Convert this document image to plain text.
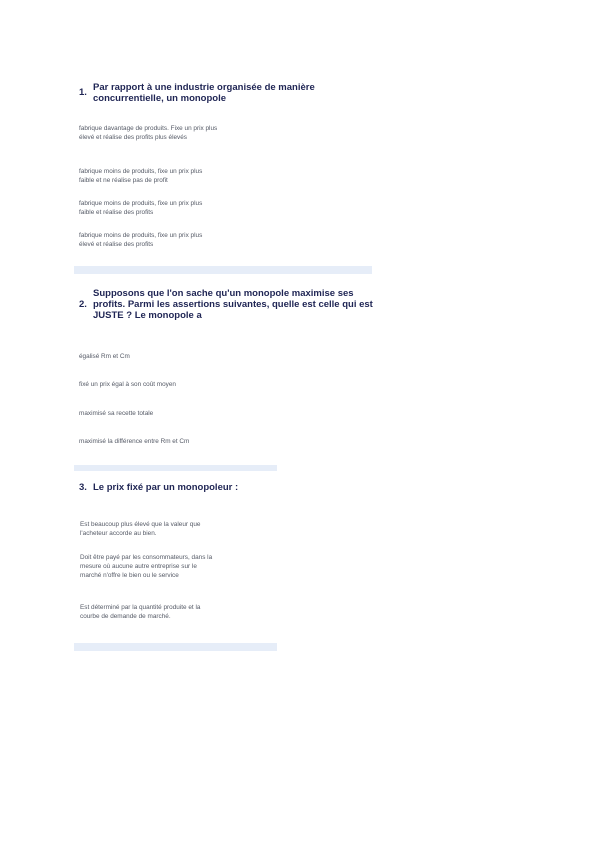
1. Par rapport à une industrie organisée de manière concurrentielle, un monopole
fabrique davantage de produits. Fixe un prix plus élevé et réalise des profits plus élevés
fabrique moins de produits, fixe un prix plus faible et ne réalise pas de profit
fabrique moins de produits, fixe un prix plus faible et réalise des profits
fabrique moins de produits, fixe un prix plus élevé et réalise des profits
2.
Supposons que l'on sache qu'un monopole maximise ses profits. Parmi les assertions suivantes, quelle est celle qui est JUSTE ? Le monopole a
égalisé Rm et Cm
fixé un prix égal à son coût moyen
maximisé sa recette totale
maximisé la différence entre Rm et Cm
3. Le prix fixé par un monopoleur :
Est beaucoup plus élevé que la valeur que l'acheteur accorde au bien.
Doit être payé par les consommateurs, dans la mesure où aucune autre entreprise sur le marché n'offre le bien ou le service
Est déterminé par la quantité produite et la courbe de demande de marché.
